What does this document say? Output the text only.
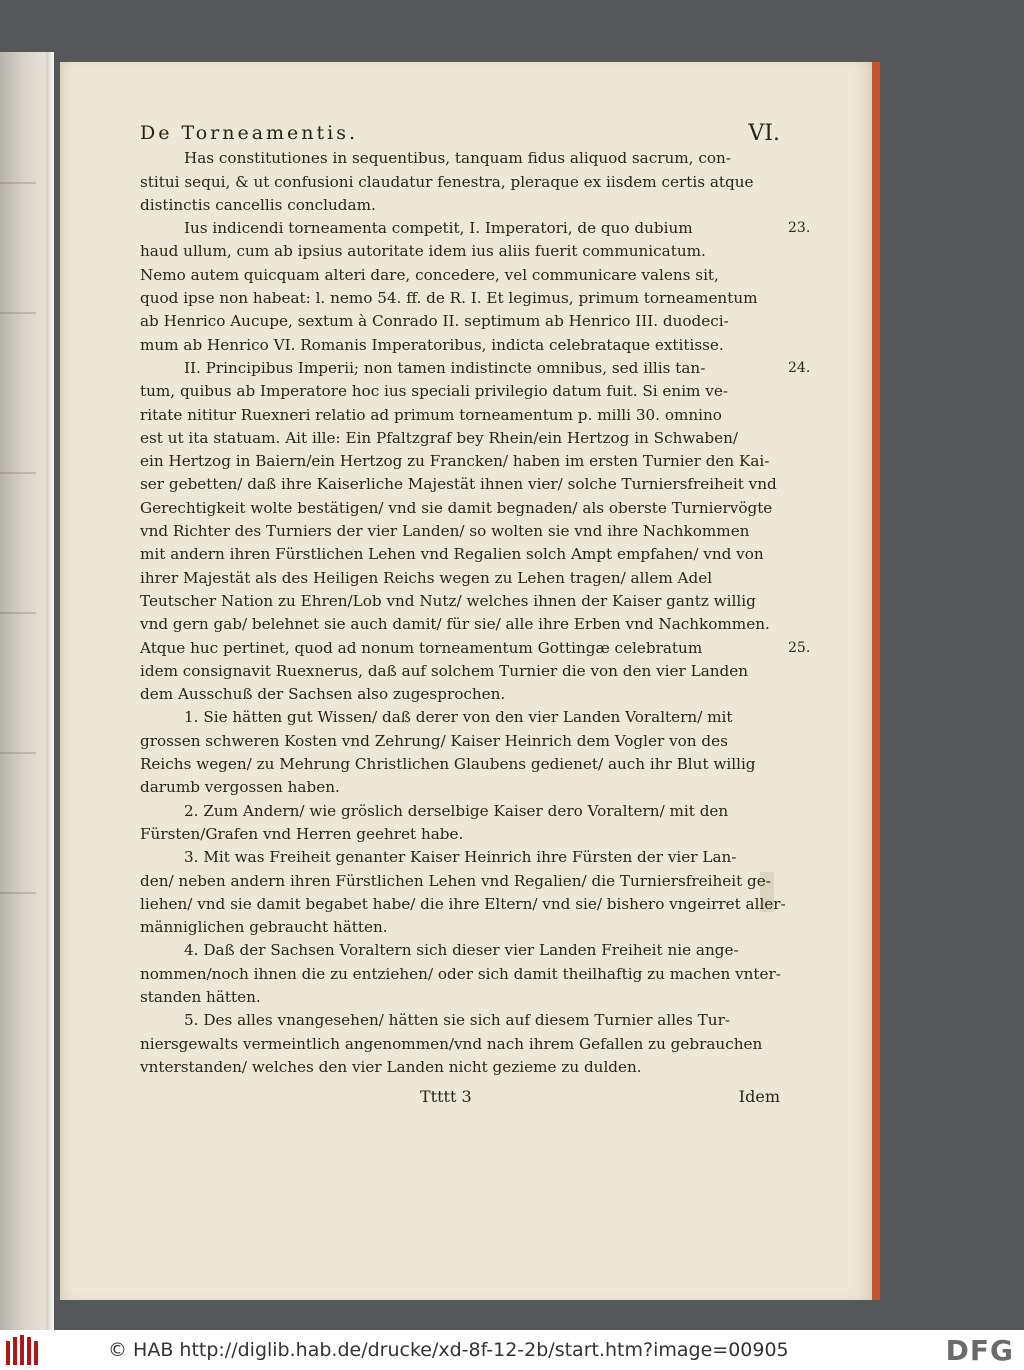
De Torneamentis.	VI.
Has constitutiones in sequentibus, tanquam fidus aliquod sacrum, con-
stitui sequi, & ut confusioni claudatur fenestra, pleraque ex iisdem certis atque
distinctis cancellis concludam.
Ius indicendi torneamenta competit, I. Imperatori, de quo dubium	23.
haud ullum, cum ab ipsius autoritate idem ius aliis fuerit communicatum.
Nemo autem quicquam alteri dare, concedere, vel communicare valens sit,
quod ipse non habeat: l. nemo 54. ff. de R. I. Et legimus, primum torneamentum
ab Henrico Aucupe, sextum à Conrado II. septimum ab Henrico III. duodeci-
mum ab Henrico VI. Romanis Imperatoribus, indicta celebrataque extitisse.
II. Principibus Imperii; non tamen indistincte omnibus, sed illis tan-	24.
tum, quibus ab Imperatore hoc ius speciali privilegio datum fuit. Si enim ve-
ritate nititur Ruexneri relatio ad primum torneamentum p. milli 30. omnino
est ut ita statuam. Ait ille: Ein Pfaltzgraf bey Rhein/ein Hertzog in Schwaben/
ein Hertzog in Baiern/ein Hertzog zu Francken/ haben im ersten Turnier den Kai-
ser gebetten/ daß ihre Kaiserliche Majestät ihnen vier/ solche Turniersfreiheit vnd
Gerechtigkeit wolte bestätigen/ vnd sie damit begnaden/ als oberste Turniervögte
vnd Richter des Turniers der vier Landen/ so wolten sie vnd ihre Nachkommen
mit andern ihren Fürstlichen Lehen vnd Regalien solch Ampt empfahen/ vnd von
ihrer Majestät als des Heiligen Reichs wegen zu Lehen tragen/ allem Adel
Teutscher Nation zu Ehren/Lob vnd Nutz/ welches ihnen der Kaiser gantz willig
vnd gern gab/ belehnet sie auch damit/ für sie/ alle ihre Erben vnd Nachkommen.
Atque huc pertinet, quod ad nonum torneamentum Gottingæ celebratum	25.
idem consignavit Ruexnerus, daß auf solchem Turnier die von den vier Landen
dem Ausschuß der Sachsen also zugesprochen.
1. Sie hätten gut Wissen/ daß derer von den vier Landen Voraltern/ mit
grossen schweren Kosten vnd Zehrung/ Kaiser Heinrich dem Vogler von des
Reichs wegen/ zu Mehrung Christlichen Glaubens gedienet/ auch ihr Blut willig
darumb vergossen haben.
2. Zum Andern/ wie gröslich derselbige Kaiser dero Voraltern/ mit den
Fürsten/Grafen vnd Herren geehret habe.
3. Mit was Freiheit genanter Kaiser Heinrich ihre Fürsten der vier Lan-
den/ neben andern ihren Fürstlichen Lehen vnd Regalien/ die Turniersfreiheit ge-
liehen/ vnd sie damit begabet habe/ die ihre Eltern/ vnd sie/ bishero vngeirret aller-
männiglichen gebraucht hätten.
4. Daß der Sachsen Voraltern sich dieser vier Landen Freiheit nie ange-
nommen/noch ihnen die zu entziehen/ oder sich damit theilhaftig zu machen vnter-
standen hätten.
5. Des alles vnangesehen/ hätten sie sich auf diesem Turnier alles Tur-
niersgewalts vermeintlich angenommen/vnd nach ihrem Gefallen zu gebrauchen
vnterstanden/ welches den vier Landen nicht gezieme zu dulden.
Ttttt 3	Idem
© HAB http://diglib.hab.de/drucke/xd-8f-12-2b/start.htm?image=00905	DFG
